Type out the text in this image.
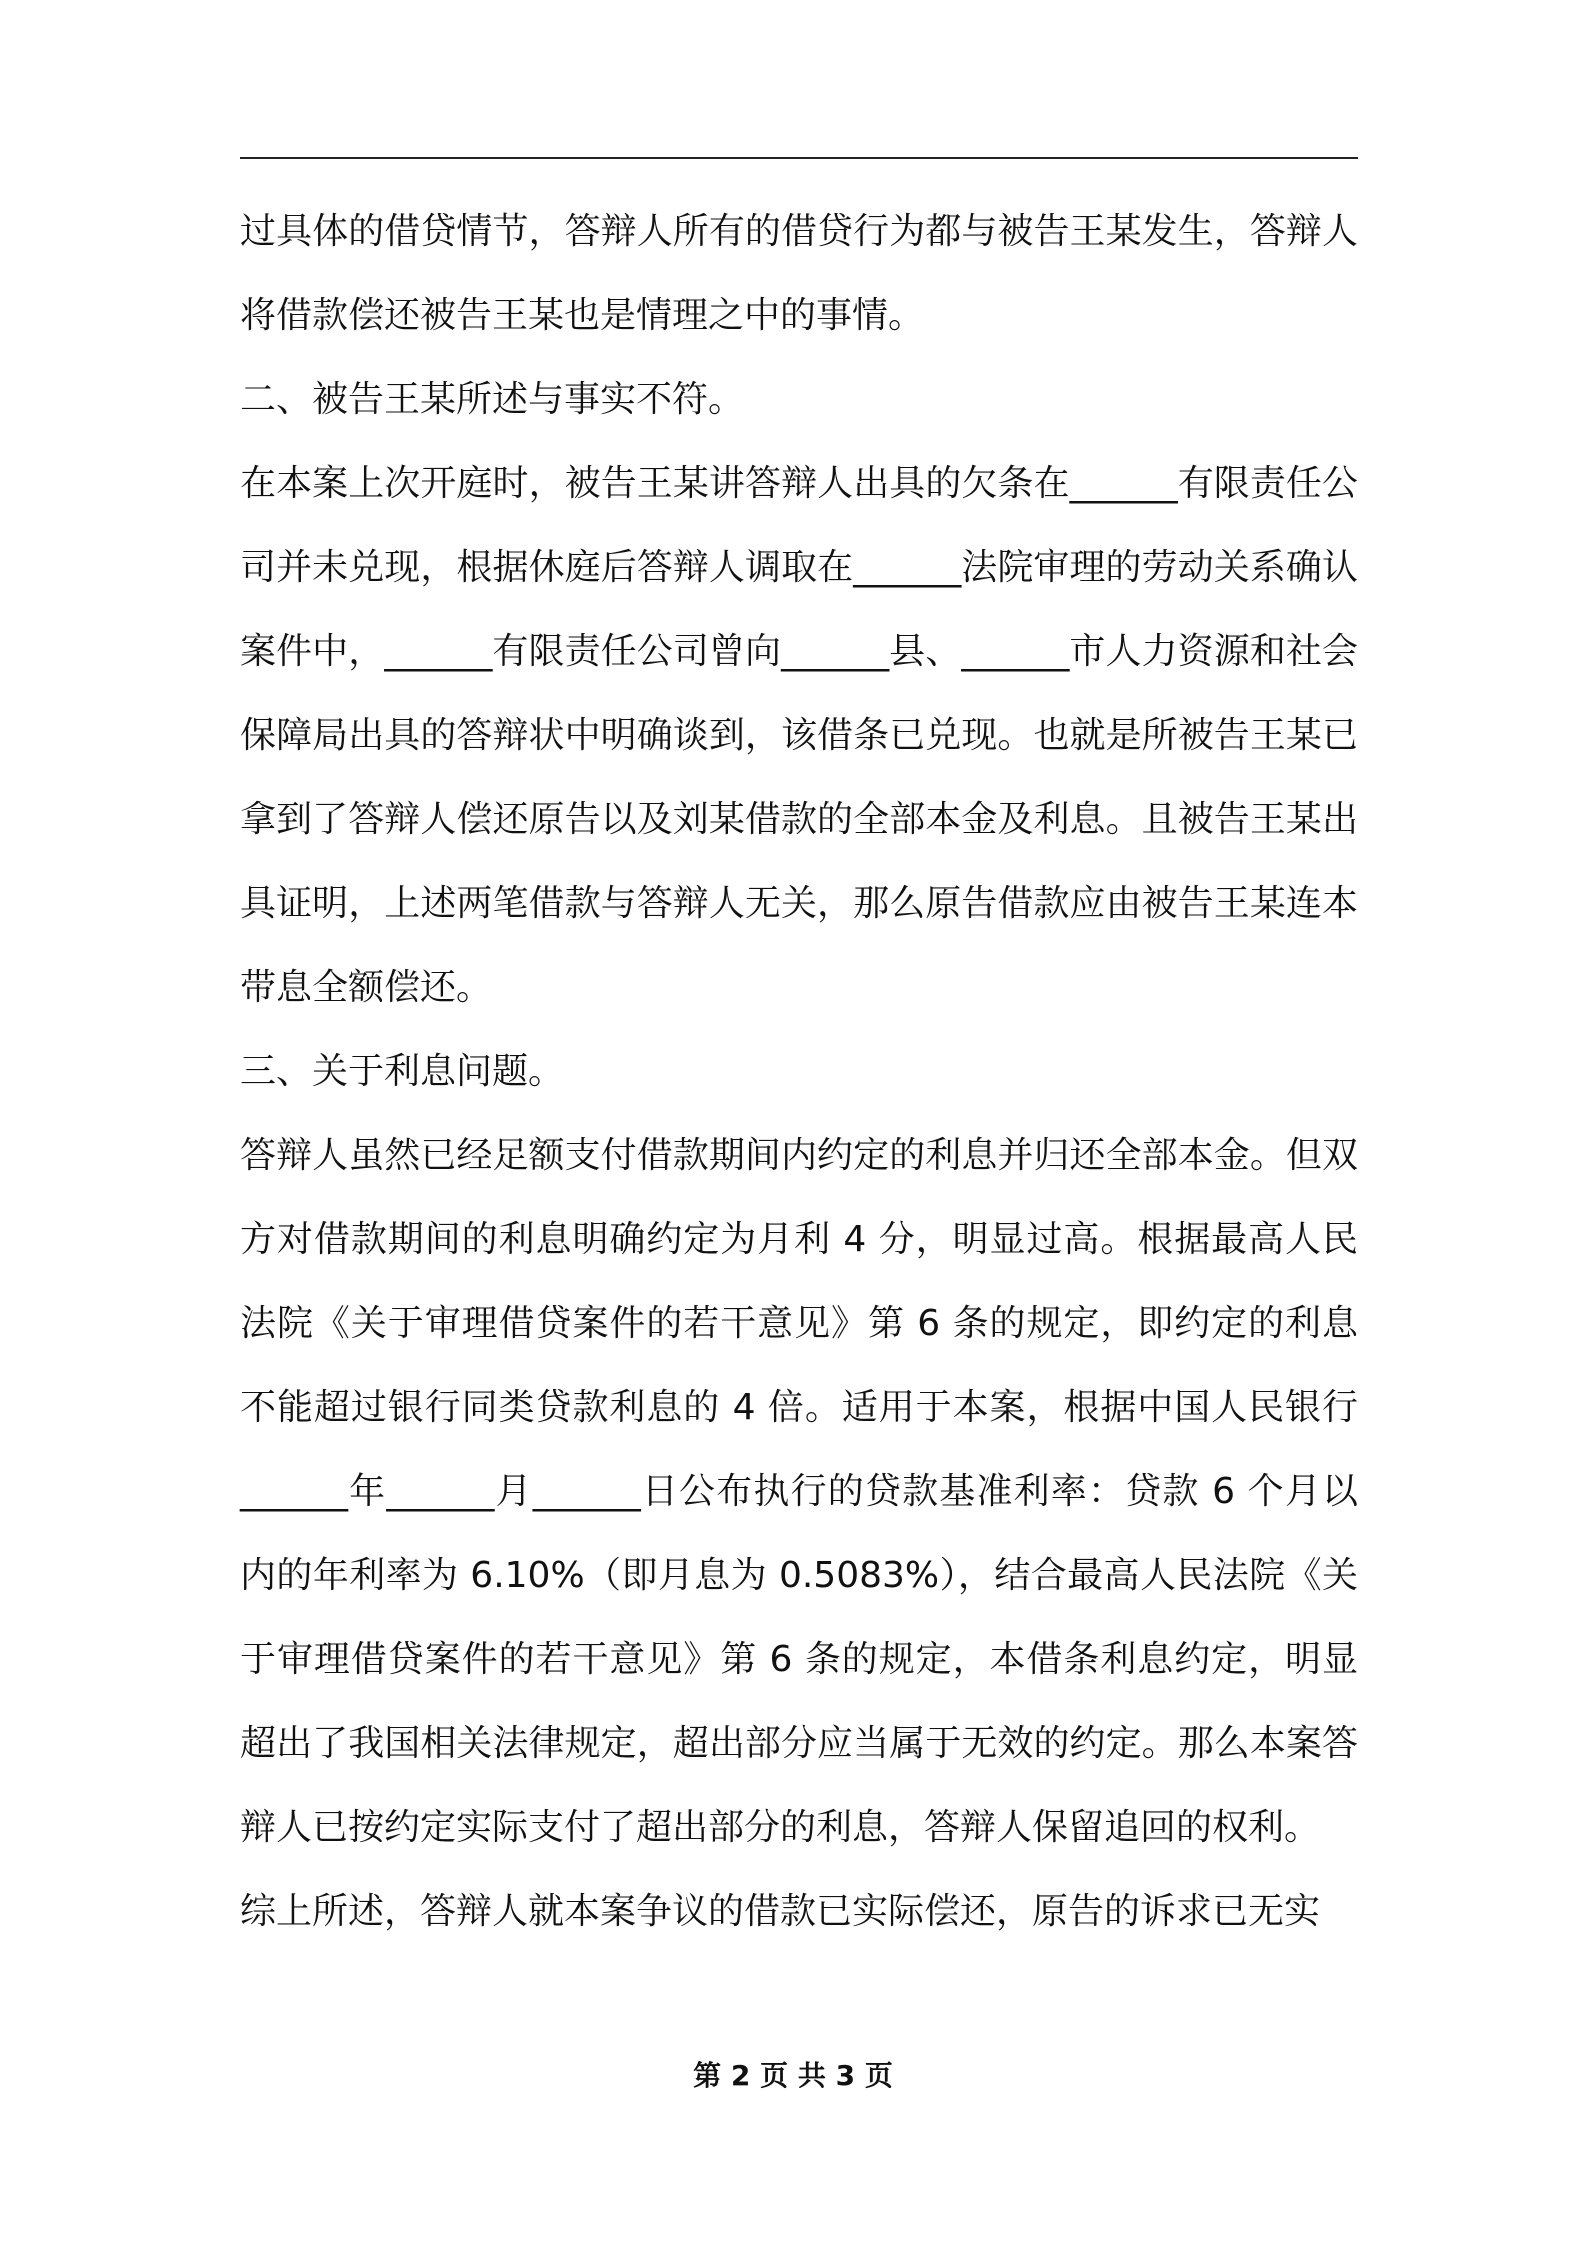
过具体的借贷情节，答辩人所有的借贷行为都与被告王某发生，答辩人将借款偿还被告王某也是情理之中的事情。

二、被告王某所述与事实不符。

在本案上次开庭时，被告王某讲答辩人出具的欠条在______有限责任公司并未兑现，根据休庭后答辩人调取在______法院审理的劳动关系确认案件中，______有限责任公司曾向______县、______市人力资源和社会保障局出具的答辩状中明确谈到，该借条已兑现。也就是所被告王某已拿到了答辩人偿还原告以及刘某借款的全部本金及利息。且被告王某出具证明，上述两笔借款与答辩人无关，那么原告借款应由被告王某连本带息全额偿还。

三、关于利息问题。

答辩人虽然已经足额支付借款期间内约定的利息并归还全部本金。但双方对借款期间的利息明确约定为月利 4 分，明显过高。根据最高人民法院《关于审理借贷案件的若干意见》第 6 条的规定，即约定的利息不能超过银行同类贷款利息的 4 倍。适用于本案，根据中国人民银行______年______月______日公布执行的贷款基准利率：贷款 6 个月以内的年利率为 6.10%（即月息为 0.5083%），结合最高人民法院《关于审理借贷案件的若干意见》第 6 条的规定，本借条利息约定，明显超出了我国相关法律规定，超出部分应当属于无效的约定。那么本案答辩人已按约定实际支付了超出部分的利息，答辩人保留追回的权利。

综上所述，答辩人就本案争议的借款已实际偿还，原告的诉求已无实

第 2 页 共 3 页
